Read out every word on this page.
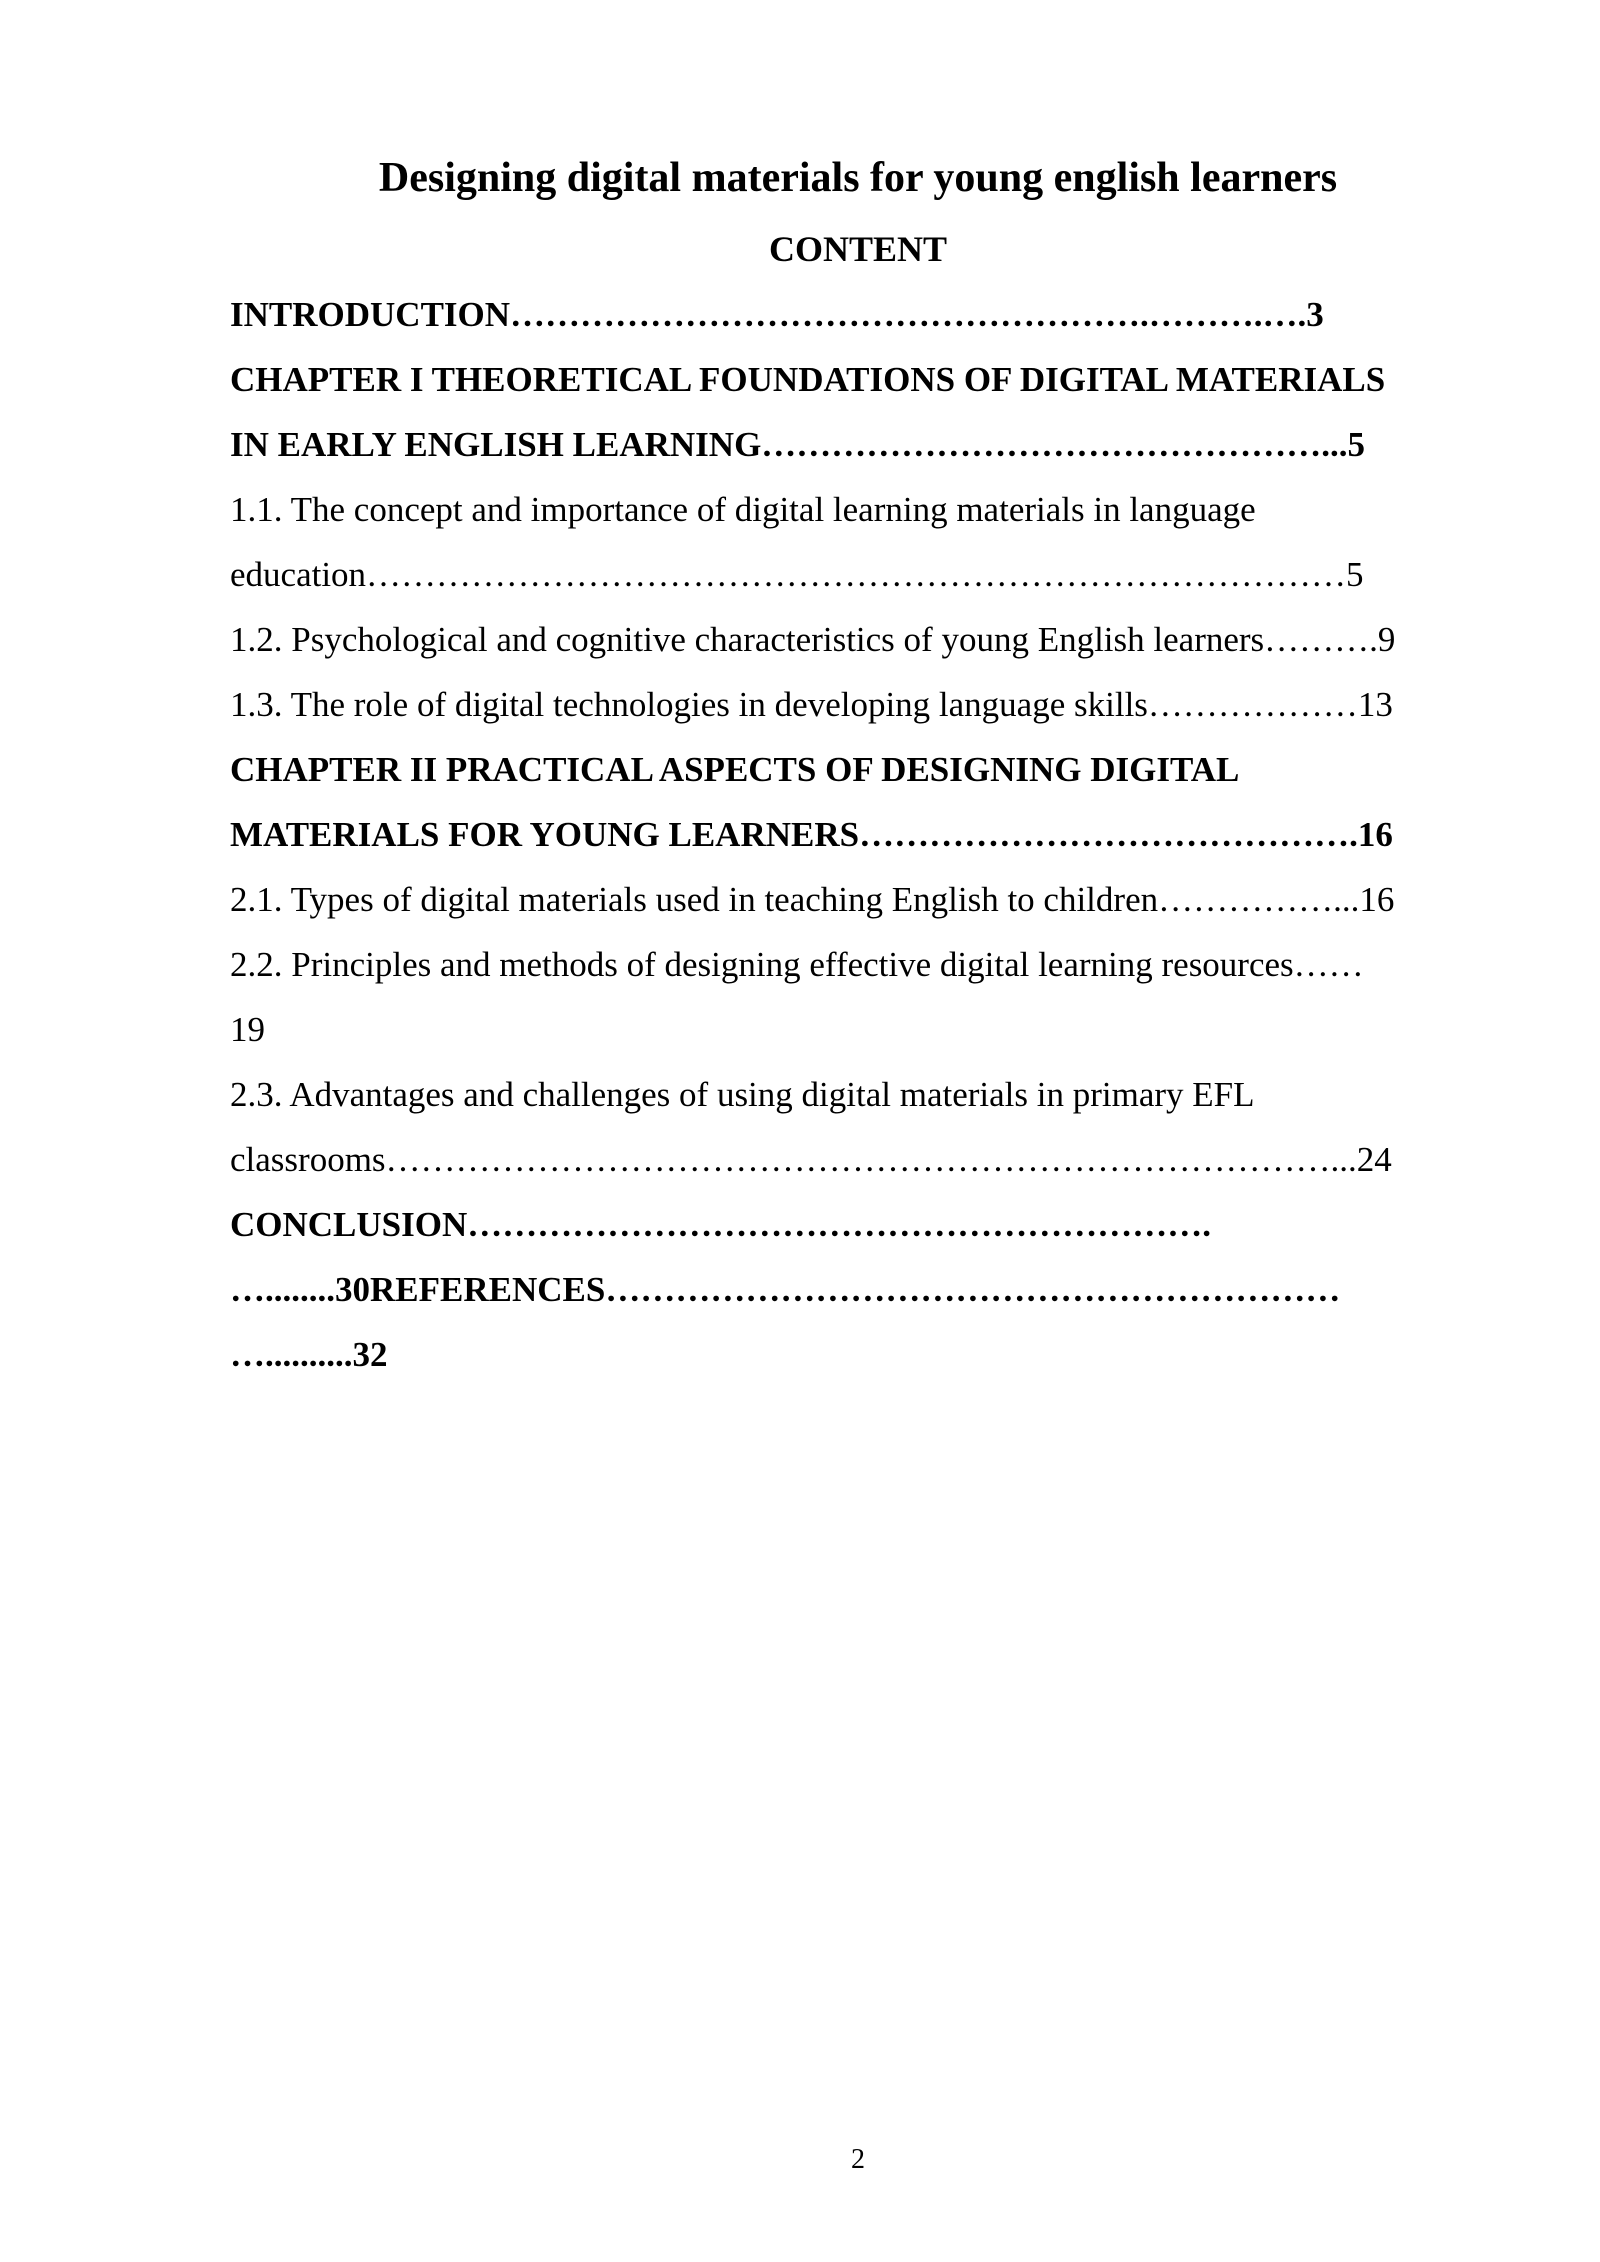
Designing digital materials for young english learners
CONTENT
INTRODUCTION……………………………………………….……….….3
CHAPTER I THEORETICAL FOUNDATIONS OF DIGITAL MATERIALS
IN EARLY ENGLISH LEARNING…………………………………………...5
1.1. The concept and importance of digital learning materials in language
education…………………………………………………………………………5
1.2. Psychological and cognitive characteristics of young English learners……….9
1.3. The role of digital technologies in developing language skills………………13
CHAPTER II PRACTICAL ASPECTS OF DESIGNING DIGITAL
MATERIALS FOR YOUNG LEARNERS…………………………………….16
2.1. Types of digital materials used in teaching English to children……………...16
2.2. Principles and methods of designing effective digital learning resources……
19
2.3. Advantages and challenges of using digital materials in primary EFL
classrooms………………………………………………………………………...24
CONCLUSION……………………………………………………….
…........30REFERENCES………………………………………………………
…..........32

2
